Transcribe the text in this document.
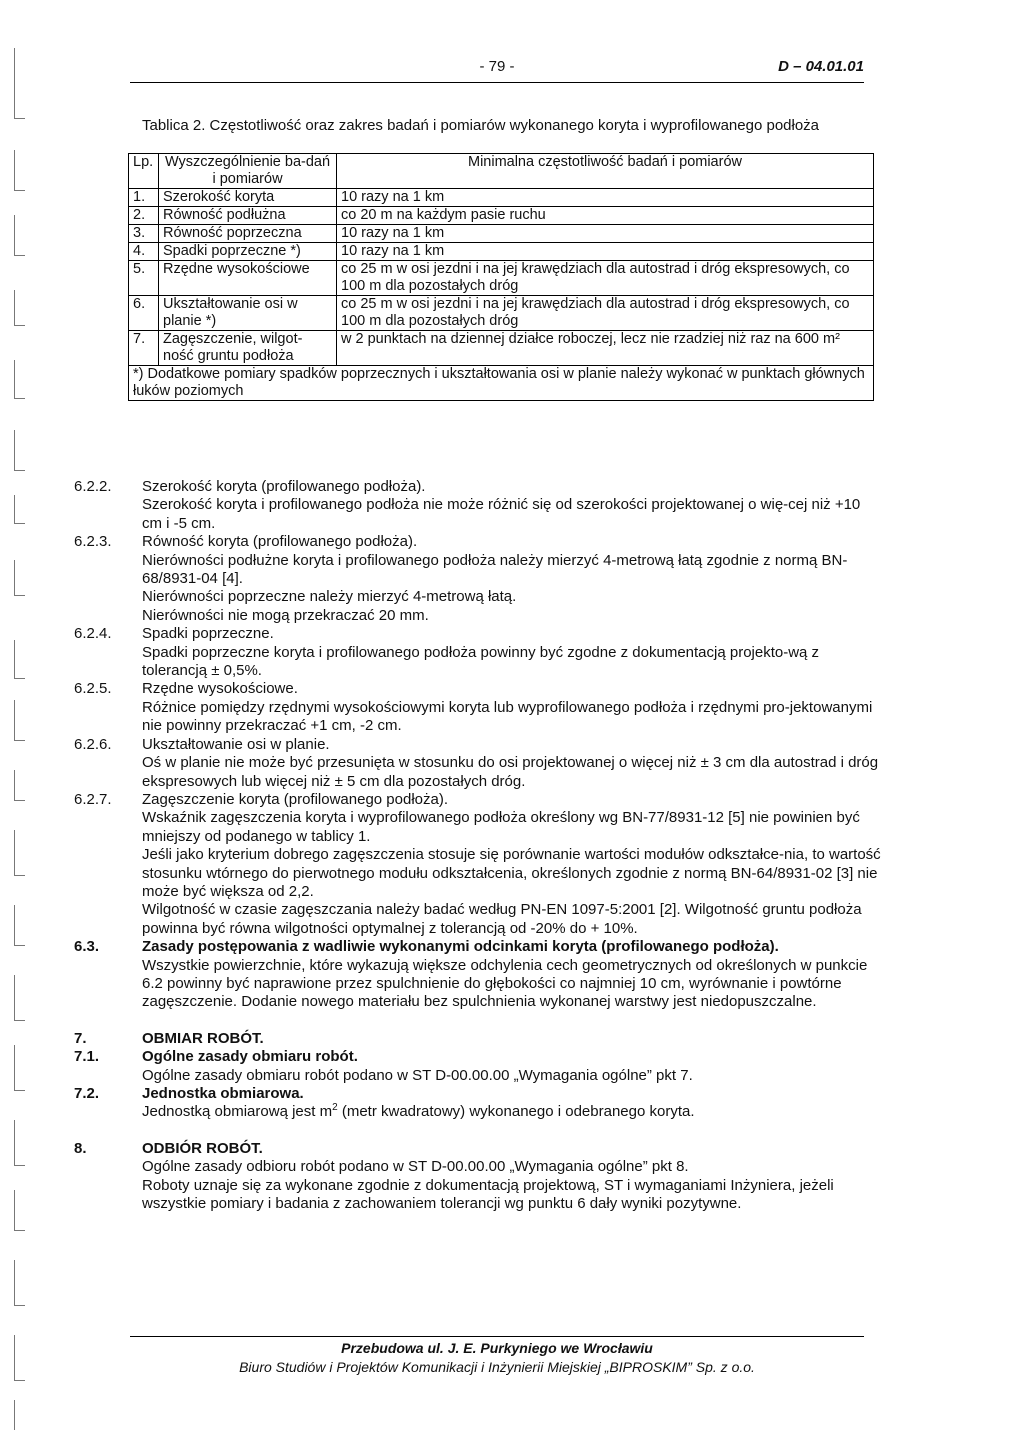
- 79 -	D – 04.01.01
Tablica 2. Częstotliwość oraz zakres badań i pomiarów wykonanego koryta i wyprofilowanego podłoża
Lp.	Wyszczególnienie ba-dań i pomiarów	Minimalna częstotliwość badań i pomiarów
1.	Szerokość koryta	10 razy na 1 km
2.	Równość podłużna	co 20 m na każdym pasie ruchu
3.	Równość poprzeczna	10 razy na 1 km
4.	Spadki poprzeczne *)	10 razy na 1 km
5.	Rzędne wysokościowe	co 25 m w osi jezdni i na jej krawędziach dla autostrad i dróg ekspresowych, co 100 m dla pozostałych dróg
6.	Ukształtowanie osi w planie *)	co 25 m w osi jezdni i na jej krawędziach dla autostrad i dróg ekspresowych, co 100 m dla pozostałych dróg
7.	Zagęszczenie, wilgot-ność gruntu podłoża	w 2 punktach na dziennej działce roboczej, lecz nie rzadziej niż raz na 600 m²
*) Dodatkowe pomiary spadków poprzecznych i ukształtowania osi w planie należy wykonać w punktach głównych łuków poziomych		
6.2.2.	Szerokość koryta (profilowanego podłoża).
Szerokość koryta i profilowanego podłoża nie może różnić się od szerokości projektowanej o wię-cej niż +10 cm i -5 cm.
6.2.3.	Równość koryta (profilowanego podłoża).
Nierówności podłużne koryta i profilowanego podłoża należy mierzyć 4-metrową łatą zgodnie z normą BN-68/8931-04 [4].
Nierówności poprzeczne należy mierzyć 4-metrową łatą.
Nierówności nie mogą przekraczać 20 mm.
6.2.4.	Spadki poprzeczne.
Spadki poprzeczne koryta i profilowanego podłoża powinny być zgodne z dokumentacją projekto-wą z tolerancją ± 0,5%.
6.2.5.	Rzędne wysokościowe.
Różnice pomiędzy rzędnymi wysokościowymi koryta lub wyprofilowanego podłoża i rzędnymi pro-jektowanymi nie powinny przekraczać +1 cm, -2 cm.
6.2.6.	Ukształtowanie osi w planie.
Oś w planie nie może być przesunięta w stosunku do osi projektowanej o więcej niż ± 3 cm dla autostrad i dróg ekspresowych lub więcej niż ± 5 cm dla pozostałych dróg.
6.2.7.	Zagęszczenie koryta (profilowanego podłoża).
Wskaźnik zagęszczenia koryta i wyprofilowanego podłoża określony wg BN-77/8931-12 [5] nie powinien być mniejszy od podanego w tablicy 1.
Jeśli jako kryterium dobrego zagęszczenia stosuje się porównanie wartości modułów odkształce-nia, to wartość stosunku wtórnego do pierwotnego modułu odkształcenia, określonych zgodnie z normą BN-64/8931-02 [3] nie może być większa od 2,2.
Wilgotność w czasie zagęszczania należy badać według PN-EN 1097-5:2001 [2]. Wilgotność gruntu podłoża powinna być równa wilgotności optymalnej z tolerancją od -20% do + 10%.
6.3.	Zasady postępowania z wadliwie wykonanymi odcinkami koryta (profilowanego podłoża).
Wszystkie powierzchnie, które wykazują większe odchylenia cech geometrycznych od określonych w punkcie 6.2 powinny być naprawione przez spulchnienie do głębokości co najmniej 10 cm, wyrównanie i powtórne zagęszczenie. Dodanie nowego materiału bez spulchnienia wykonanej warstwy jest niedopuszczalne.
7.	OBMIAR ROBÓT.
7.1.	Ogólne zasady obmiaru robót.
Ogólne zasady obmiaru robót podano w ST D-00.00.00 „Wymagania ogólne” pkt 7.
7.2.	Jednostka obmiarowa.
Jednostką obmiarową jest $m^2$ (metr kwadratowy) wykonanego i odebranego koryta.
8.	ODBIÓR ROBÓT.
Ogólne zasady odbioru robót podano w ST D-00.00.00 „Wymagania ogólne” pkt 8.
Roboty uznaje się za wykonane zgodnie z dokumentacją projektową, ST i wymaganiami Inżyniera, jeżeli wszystkie pomiary i badania z zachowaniem tolerancji wg punktu 6 dały wyniki pozytywne.
Przebudowa ul. J. E. Purkyniego we Wrocławiu
Biuro Studiów i Projektów Komunikacji i Inżynierii Miejskiej „BIPROSKIM” Sp. z o.o.
